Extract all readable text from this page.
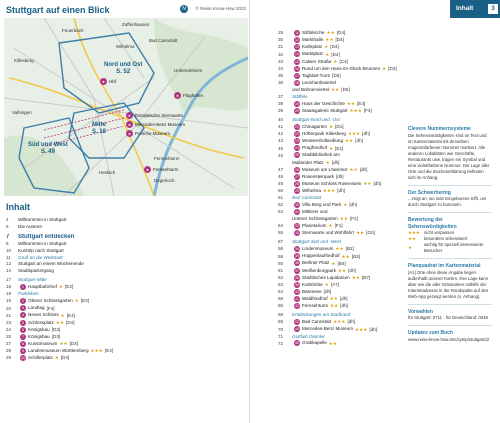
Stuttgart auf einen Blick	N	© Reise Know-How 2022
Feuerbach
Zuffenhausen
Wilhelma
Bad Cannstatt
Untertürkheim
Vaihingen
Degerloch
Heslach
Killesberg
Fernsehturm
Nord und Ost
S. 52
Mitte
S. 18
Süd und West
S. 49
● Europäische Sternwarte
● Mercedes-Benz Museum
● Porsche Museum
● Hbf
● Flughafen
● Fernsehturm
Inhalt
4	Willkommen in Stuttgart
6	Die Autoren
7	Stuttgart entdecken
8	Willkommen in Stuttgart
10	Kurztrip nach Stuttgart
11	Gruß an die Weltstadt
12	Stuttgart an einem Wochenende
14	Stadtspaziergang
17	Stuttgart-Mitte
18	1 Hauptbahnhof ★ [E2]
19	Parkleben
19	2 Oberer Schlossgarten ★ [E3]
20	3 Landtag [F4]
21	4 Neues Schloss ★ [E4]
23	5 Schlossplatz ★★ [D4]
24	6 Königsbau [D3]
25	7 Königsbau [D3]
27	8 Kunstmuseum ★★ [D4]
28	9 Landesmuseum Württemberg ★★★ [E4]
29	10 Schillerplatz ★ [D4]
Inhalt	3
29	11 Stiftskirche ★★ [D4]
30	12 Markthalle ★★ [D4]
31	13 Karlsplatz ★ [D4]
32	14 Marktplatz ★ [D4]
33	15 Calwer Straße ★ [C4]
34	16 Rund um den Hans-im-Glück-Brunnen ★ [D2]
35	17 Tagblatt-Turm [D5]
36	18 Leonhardsviertel
und Bohnenviertel ★★ [D5]
37	Stäffele
38	19 Haus der Geschichte ★★ [E4]
39	20 Staatsgalerie Stuttgart ★★★ [F3]
40	Stuttgart-Nord und -Ost
41	21 Chinagarten ★ [D1]
42	22 Höhenpark Killesberg ★★★ [dh]
43	23 Weissenhofsiedlung ★★ [dh]
45	24 Pragfriedhof ★ [E1]
46	25 Stadtbibliothek am
Mailänder Platz ★ [dh]
47	26 Museum am Löwentor ★★ [dh]
48	27 Rosensteinpark [dh]
49	28 Museum Schloss Rosenstein ★★ [dh]
50	29 Wilhelma ★★★ [dh]
51	Bad Cannstatt
52	30 Villa Berg und Park ★ [dh]
53	31 Mittlerer und
Unterer Schlossgarten ★★ [F2]
54	32 Planetarium ★ [F1]
55	33 Sternwarte und Wohlfahrt ★★ [G5]
57	Stuttgart-Süd und -West
58	34 Lindenmuseum ★★ [B2]
59	35 Hoppenlaufriedhof ★★ [B3]
60	36 Berliner Platz ★ [B4]
61	37 Weißenburgpark ★★ [dh]
62	38 Städtisches Lapidarium ★★ [B7]
63	39 Karlshöhe ★ [A7]
64	40 Bärensee [dh]
65	41 Waldfriedhof ★★ [dh]
66	42 Fernsehturm ★★ [dh]
68	Entdeckungen am Stadtrand
69	43 Bad Cannstatt ★★★ [dh]
70	44 Mercedes-Benz Museum ★★★ [dh]
71	Gottlieb Daimler
72	45 Grabkapelle ★★
Clevere Nummernsysteme
Die Sehenswürdigkeiten sind im Text und im Kartenmaterial mit derselben magentafarbenen Nummer markiert. Alle anderen Lokalitäten wie Geschäfte, Restaurants usw. tragen ein Symbal und eine violettfarbene Nummer. Die Lage aller Orte und die Zeichenerklärung befinden sich im Anhang.
Der Schwerhering
...zeigt an, wo man Eingeborene trifft, um durch Stuttgart zu bummeln.
Bewertung der Sehenswürdigkeiten
★★★	nicht verpassen
★★	besonders sehenswert
★
wichtig für speziell interessierte Besucher
Planquadrat im Kartenmaterial
[A1] Orte ohne diese Angabe liegen außerhalb unserer Karten. Ihre Lage kann aber wie die aller Ortsmarken mithilfe der Internetadresse in der Randspalte auf den Web-App gezeigt werden (s. Anhang).
Vorwahlen
für Stuttgart: 0711 · für Deutschland: 0049
Updates zum Buch
www.reise-know-how.de/citytrip/stuttgart22
